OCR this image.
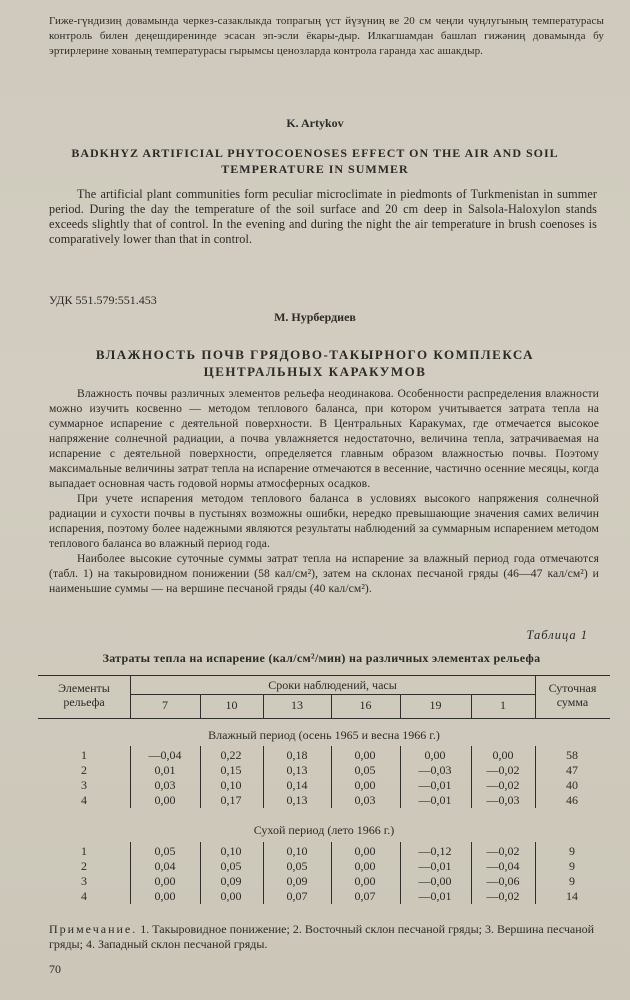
Гиже-гүндизиң довамында черкез-сазаклыкда топрагың үст йүзүниң ве 20 см чеңли чуңлугының температурасы контроль билен деңешдиренинде эсасан эп-эсли ёкары-дыр. Илкагшамдан башлап гижәниң довамында бу эртирлерине хованың температурасы гырымсы ценозларда контрола гаранда хас ашакдыр.

K. Artykov
BADKHYZ ARTIFICIAL PHYTOCOENOSES EFFECT ON THE AIR AND SOIL
TEMPERATURE IN SUMMER

The artificial plant communities form peculiar microclimate in piedmonts of Turkmenistan in summer period. During the day the temperature of the soil surface and 20 cm deep in Salsola-Haloxylon stands exceeds slightly that of control. In the evening and during the night the air temperature in brush coenoses is comparatively lower than that in control.

УДК 551.579:551.453
М. Нурбердиев
ВЛАЖНОСТЬ ПОЧВ ГРЯДОВО-ТАКЫРНОГО КОМПЛЕКСА
ЦЕНТРАЛЬНЫХ КАРАКУМОВ

Влажность почвы различных элементов рельефа неодинакова. Особенности распределения влажности можно изучить косвенно — методом теплового баланса, при котором учитывается затрата тепла на суммарное испарение с деятельной поверхности. В Центральных Каракумах, где отмечается высокое напряжение солнечной радиации, а почва увлажняется недостаточно, величина тепла, затрачиваемая на испарение с деятельной поверхности, определяется главным образом влажностью почвы. Поэтому максимальные величины затрат тепла на испарение отмечаются в весенние, частично осенние месяцы, когда выпадает основная часть годовой нормы атмосферных осадков.

При учете испарения методом теплового баланса в условиях высокого напряжения солнечной радиации и сухости почвы в пустынях возможны ошибки, нередко превышающие значения самих величин испарения, поэтому более надежными являются результаты наблюдений за суммарным испарением методом теплового баланса во влажный период года.

Наиболее высокие суточные суммы затрат тепла на испарение за влажный период года отмечаются (табл. 1) на такыровидном понижении (58 кал/см²), затем на склонах песчаной гряды (46—47 кал/см²) и наименьшие суммы — на вершине песчаной гряды (40 кал/см²).

Таблица 1
Затраты тепла на испарение (кал/см²/мин) на различных элементах рельефа
Элементы
рельефа
Сроки наблюдений, часы	Суточная
сумма
7	10	13	16	19	1
Влажный период (осень 1965 и весна 1966 г.)
1	—0,04	0,22	0,18	0,00	0,00	0,00	58
2	0,01	0,15	0,13	0,05	—0,03	—0,02	47
3	0,03	0,10	0,14	0,00	—0,01	—0,02	40
4	0,00	0,17	0,13	0,03	—0,01	—0,03	46
Сухой период (лето 1966 г.)
1	0,05	0,10	0,10	0,00	—0,12	—0,02	9
2	0,04	0,05	0,05	0,00	—0,01	—0,04	9
3	0,00	0,09	0,09	0,00	—0,00	—0,06	9
4	0,00	0,00	0,07	0,07	—0,01	—0,02	14
Примечание. 1. Такыровидное понижение; 2. Восточный склон песчаной гряды; 3. Вершина песчаной гряды; 4. Западный склон песчаной гряды.
70
